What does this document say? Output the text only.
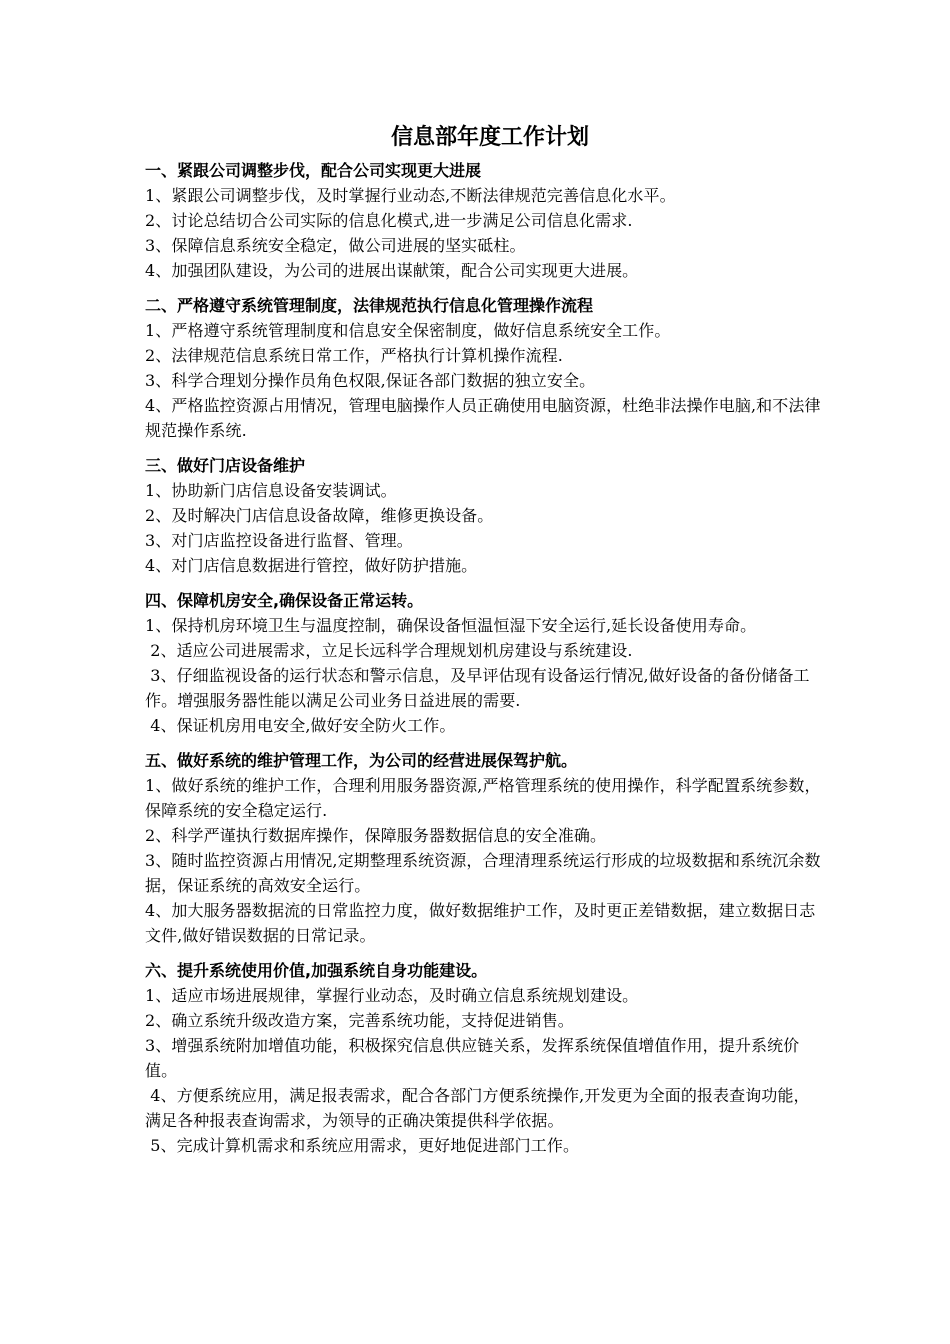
信息部年度工作计划
一、紧跟公司调整步伐，配合公司实现更大进展
1、紧跟公司调整步伐，及时掌握行业动态,不断法律规范完善信息化水平。
2、讨论总结切合公司实际的信息化模式,进一步满足公司信息化需求.
3、保障信息系统安全稳定，做公司进展的坚实砥柱。
4、加强团队建设，为公司的进展出谋献策，配合公司实现更大进展。
二、严格遵守系统管理制度，法律规范执行信息化管理操作流程
1、严格遵守系统管理制度和信息安全保密制度，做好信息系统安全工作。
2、法律规范信息系统日常工作，严格执行计算机操作流程.
3、科学合理划分操作员角色权限,保证各部门数据的独立安全。
4、严格监控资源占用情况，管理电脑操作人员正确使用电脑资源，杜绝非法操作电脑,和不法律规范操作系统.
三、做好门店设备维护
1、协助新门店信息设备安装调试。
2、及时解决门店信息设备故障，维修更换设备。
3、对门店监控设备进行监督、管理。
4、对门店信息数据进行管控，做好防护措施。
四、保障机房安全,确保设备正常运转。
1、保持机房环境卫生与温度控制，确保设备恒温恒湿下安全运行,延长设备使用寿命。
2、适应公司进展需求，立足长远科学合理规划机房建设与系统建设.
3、仔细监视设备的运行状态和警示信息，及早评估现有设备运行情况,做好设备的备份储备工作。增强服务器性能以满足公司业务日益进展的需要.
4、保证机房用电安全,做好安全防火工作。
五、做好系统的维护管理工作，为公司的经营进展保驾护航。
1、做好系统的维护工作，合理利用服务器资源,严格管理系统的使用操作，科学配置系统参数，保障系统的安全稳定运行.
2、科学严谨执行数据库操作，保障服务器数据信息的安全准确。
3、随时监控资源占用情况,定期整理系统资源，合理清理系统运行形成的垃圾数据和系统沉余数据，保证系统的高效安全运行。
4、加大服务器数据流的日常监控力度，做好数据维护工作，及时更正差错数据，建立数据日志文件,做好错误数据的日常记录。
六、提升系统使用价值,加强系统自身功能建设。
1、适应市场进展规律，掌握行业动态，及时确立信息系统规划建设。
2、确立系统升级改造方案，完善系统功能，支持促进销售。
3、增强系统附加增值功能，积极探究信息供应链关系，发挥系统保值增值作用，提升系统价值。
4、方便系统应用，满足报表需求，配合各部门方便系统操作,开发更为全面的报表查询功能，满足各种报表查询需求，为领导的正确决策提供科学依据。
5、完成计算机需求和系统应用需求，更好地促进部门工作。
